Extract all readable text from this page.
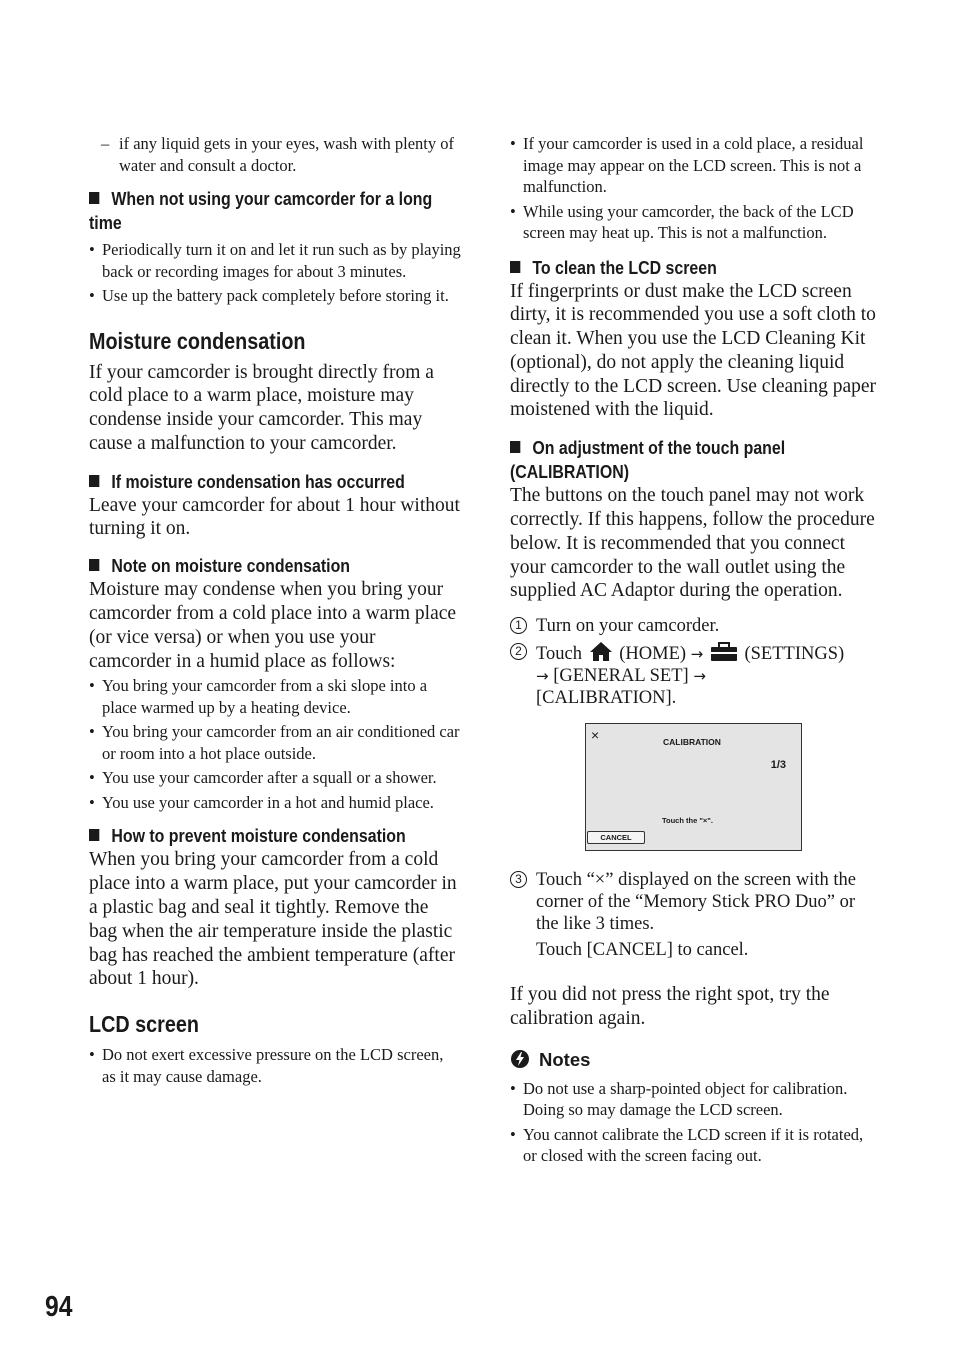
– if any liquid gets in your eyes, wash with plenty of water and consult a doctor.
When not using your camcorder for a long time
• Periodically turn it on and let it run such as by playing back or recording images for about 3 minutes.
• Use up the battery pack completely before storing it.
Moisture condensation

If your camcorder is brought directly from a cold place to a warm place, moisture may condense inside your camcorder. This may cause a malfunction to your camcorder.

If moisture condensation has occurred

Leave your camcorder for about 1 hour without turning it on.

Note on moisture condensation

Moisture may condense when you bring your camcorder from a cold place into a warm place (or vice versa) or when you use your camcorder in a humid place as follows:

• You bring your camcorder from a ski slope into a place warmed up by a heating device.
• You bring your camcorder from an air conditioned car or room into a hot place outside.
• You use your camcorder after a squall or a shower.
• You use your camcorder in a hot and humid place.
How to prevent moisture condensation

When you bring your camcorder from a cold place into a warm place, put your camcorder in a plastic bag and seal it tightly. Remove the bag when the air temperature inside the plastic bag has reached the ambient temperature (after about 1 hour).

LCD screen
• Do not exert excessive pressure on the LCD screen, as it may cause damage.
• If your camcorder is used in a cold place, a residual image may appear on the LCD screen. This is not a malfunction.
• While using your camcorder, the back of the LCD screen may heat up. This is not a malfunction.
To clean the LCD screen

If fingerprints or dust make the LCD screen dirty, it is recommended you use a soft cloth to clean it. When you use the LCD Cleaning Kit (optional), do not apply the cleaning liquid directly to the LCD screen. Use cleaning paper moistened with the liquid.

On adjustment of the touch panel
(CALIBRATION)

The buttons on the touch panel may not work correctly. If this happens, follow the procedure below. It is recommended that you connect your camcorder to the wall outlet using the supplied AC Adaptor during the operation.

1 Turn on your camcorder.
2 Touch (HOME) → (SETTINGS)
→ [GENERAL SET] →
[CALIBRATION].
×	CALIBRATION
1/3
Touch the "×".
CANCEL
3 Touch “×” displayed on the screen with the corner of the “Memory Stick PRO Duo” or the like 3 times.
Touch [CANCEL] to cancel.

If you did not press the right spot, try the calibration again.

Notes
• Do not use a sharp-pointed object for calibration. Doing so may damage the LCD screen.
• You cannot calibrate the LCD screen if it is rotated, or closed with the screen facing out.
94
